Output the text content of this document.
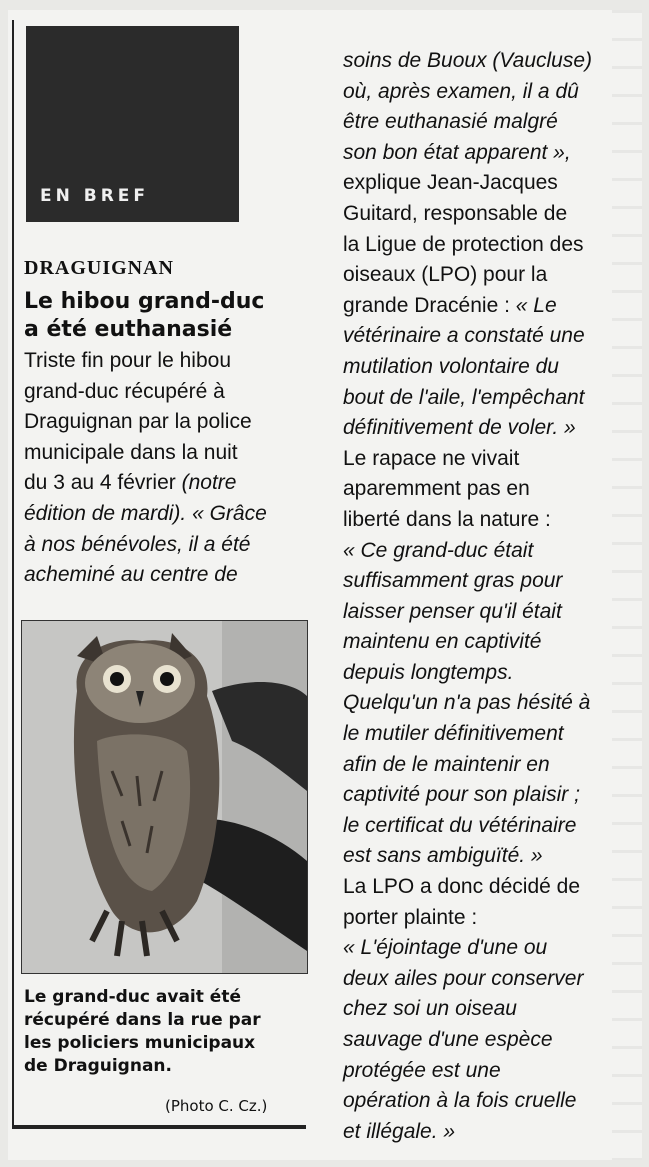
EN BREF
DRAGUIGNAN
Le hibou grand-duc
a été euthanasié
Triste fin pour le hibou
grand-duc récupéré à
Draguignan par la police
municipale dans la nuit
du 3 au 4 février (notre
édition de mardi). « Grâce
à nos bénévoles, il a été
acheminé au centre de
Le grand-duc avait été
récupéré dans la rue par
les policiers municipaux
de Draguignan.
(Photo C. Cz.)
soins de Buoux (Vaucluse)
où, après examen, il a dû
être euthanasié malgré
son bon état apparent »,
explique Jean-Jacques
Guitard, responsable de
la Ligue de protection des
oiseaux (LPO) pour la
grande Dracénie : « Le
vétérinaire a constaté une
mutilation volontaire du
bout de l'aile, l'empêchant
définitivement de voler. »
Le rapace ne vivait
aparemment pas en
liberté dans la nature :
« Ce grand-duc était
suffisamment gras pour
laisser penser qu'il était
maintenu en captivité
depuis longtemps.
Quelqu'un n'a pas hésité à
le mutiler définitivement
afin de le maintenir en
captivité pour son plaisir ;
le certificat du vétérinaire
est sans ambiguïté. »
La LPO a donc décidé de
porter plainte :
« L'éjointage d'une ou
deux ailes pour conserver
chez soi un oiseau
sauvage d'une espèce
protégée est une
opération à la fois cruelle
et illégale. »
